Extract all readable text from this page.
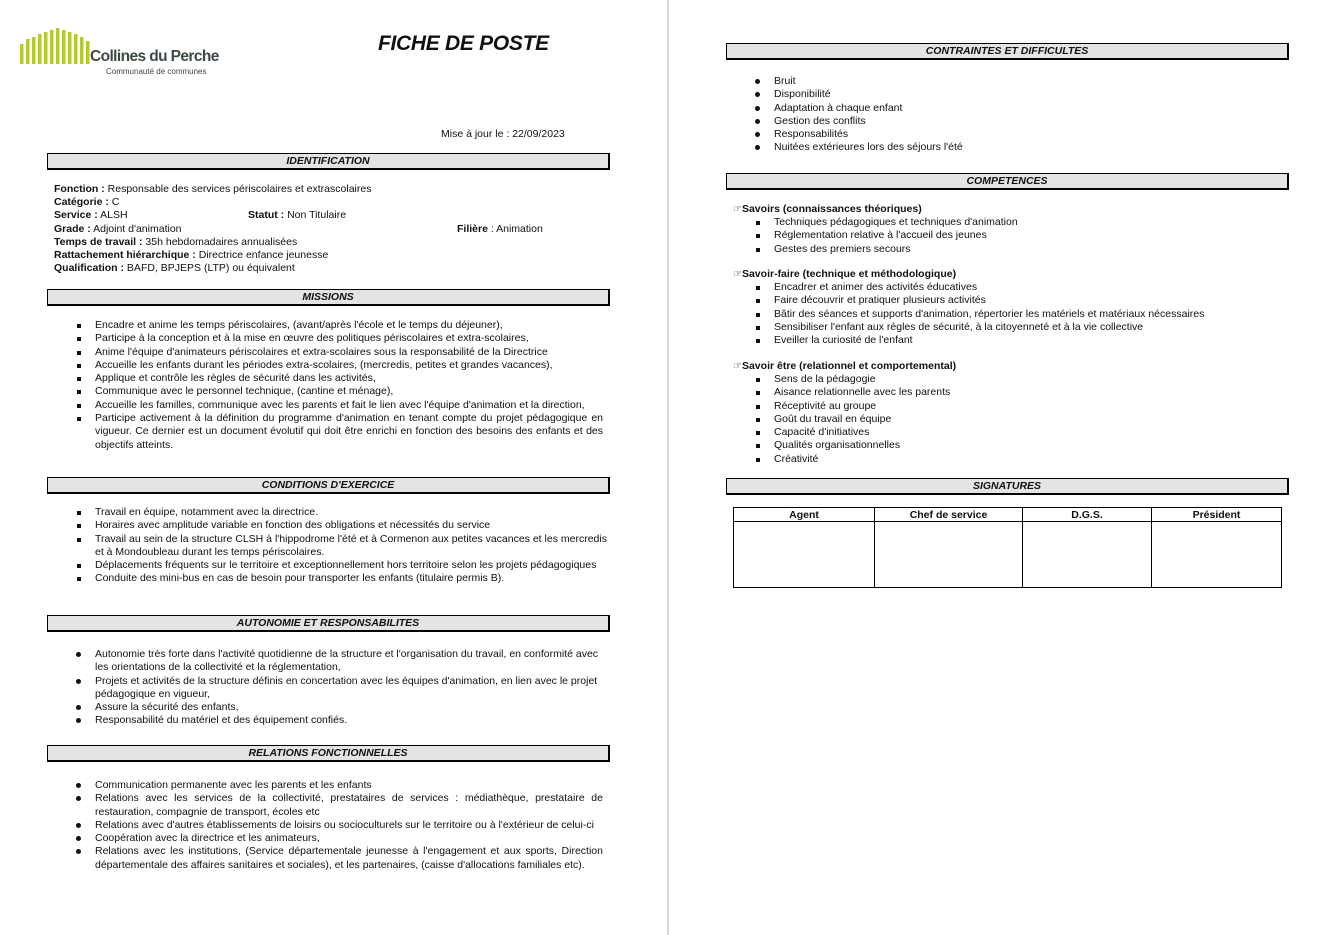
Collines du Perche
Communauté de communes
FICHE DE POSTE
Mise à jour le : 22/09/2023
IDENTIFICATION
Fonction : Responsable des services périscolaires et extrascolaires
Catégorie : C
Service : ALSH	Statut : Non Titulaire
Grade : Adjoint d'animation	Filière : Animation
Temps de travail : 35h hebdomadaires annualisées
Rattachement hiérarchique : Directrice enfance jeunesse
Qualification : BAFD, BPJEPS (LTP) ou équivalent
MISSIONS
Encadre et anime les temps périscolaires, (avant/après l'école et le temps du déjeuner),
Participe à la conception et à la mise en œuvre des politiques périscolaires et extra-scolaires,
Anime l'équipe d'animateurs périscolaires et extra-scolaires sous la responsabilité de la Directrice
Accueille les enfants durant les périodes extra-scolaires, (mercredis, petites et grandes vacances),
Applique et contrôle les règles de sécurité dans les activités,
Communique avec le personnel technique, (cantine et ménage),
Accueille les familles, communique avec les parents et fait le lien avec l'équipe d'animation et la direction,
Participe activement à la définition du programme d'animation en tenant compte du projet pédagogique en vigueur. Ce dernier est un document évolutif qui doit être enrichi en fonction des besoins des enfants et des objectifs atteints.
CONDITIONS D'EXERCICE
Travail en équipe, notamment avec la directrice.
Horaires avec amplitude variable en fonction des obligations et nécessités du service
Travail au sein de la structure CLSH à l'hippodrome l'été et à Cormenon aux petites vacances et les mercredis et à Mondoubleau durant les temps périscolaires.
Déplacements fréquents sur le territoire et exceptionnellement hors territoire selon les projets pédagogiques
Conduite des mini-bus en cas de besoin pour transporter les enfants (titulaire permis B).
AUTONOMIE ET RESPONSABILITES
Autonomie très forte dans l'activité quotidienne de la structure et l'organisation du travail, en conformité avec les orientations de la collectivité et la réglementation,
Projets et activités de la structure définis en concertation avec les équipes d'animation, en lien avec le projet pédagogique en vigueur,
Assure la sécurité des enfants,
Responsabilité du matériel et des équipement confiés.
RELATIONS FONCTIONNELLES
Communication permanente avec les parents et les enfants
Relations avec les services de la collectivité, prestataires de services : médiathèque, prestataire de restauration, compagnie de transport, écoles etc
Relations avec d'autres établissements de loisirs ou socioculturels sur le territoire ou à l'extérieur de celui-ci
Coopération avec la directrice et les animateurs,
Relations avec les institutions, (Service départementale jeunesse à l'engagement et aux sports, Direction départementale des affaires sanitaires et sociales), et les partenaires, (caisse d'allocations familiales etc).
CONTRAINTES ET DIFFICULTES
Bruit
Disponibilité
Adaptation à chaque enfant
Gestion des conflits
Responsabilités
Nuitées extérieures lors des séjours l'été
COMPETENCES
☞Savoirs (connaissances théoriques)
Techniques pédagogiques et techniques d'animation
Réglementation relative à l'accueil des jeunes
Gestes des premiers secours
☞Savoir-faire (technique et méthodologique)
Encadrer et animer des activités éducatives
Faire découvrir et pratiquer plusieurs activités
Bâtir des séances et supports d'animation, répertorier les matériels et matériaux nécessaires
Sensibiliser l'enfant aux règles de sécurité, à la citoyenneté et à la vie collective
Eveiller la curiosité de l'enfant
☞Savoir être (relationnel et comportemental)
Sens de la pédagogie
Aisance relationnelle avec les parents
Réceptivité au groupe
Goût du travail en équipe
Capacité d'initiatives
Qualités organisationnelles
Créativité
SIGNATURES
Agent	Chef de service	D.G.S.	Président
